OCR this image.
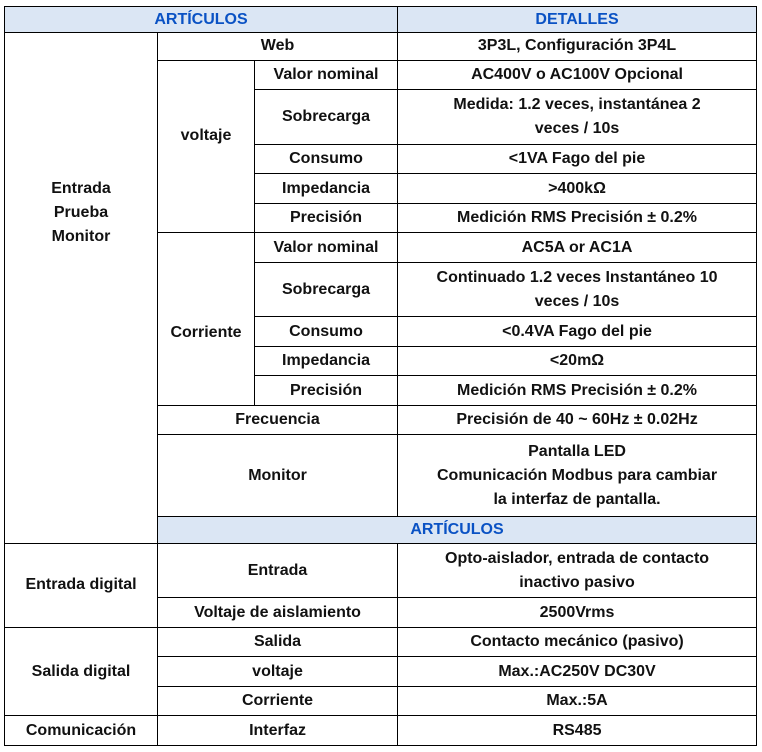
ARTÍCULOS			DETALLES	

Entrada
Prueba
Monitor	Web		3P3L, Configuración 3P4L	
	voltaje	Valor nominal	AC400V o AC100V Opcional	
		Sobrecarga	Medida: 1.2 veces, instantánea 2
veces / 10s	

		Consumo	<1VA Fago del pie	
		Impedancia	>400kΩ	
		Precisión	Medición RMS Precisión ± 0.2%	
	Corriente	Valor nominal	AC5A or AC1A	
		Sobrecarga	Continuado 1.2 veces Instantáneo 10
veces / 10s	

		Consumo	<0.4VA Fago del pie	
		Impedancia	<20mΩ	
		Precisión	Medición RMS Precisión ± 0.2%	
	Frecuencia		Precisión de 40 ~ 60Hz ± 0.02Hz	
	Monitor		Pantalla LED
Comunicación Modbus para cambiar
la interfaz de pantalla.	

	ARTÍCULOS	
Entrada digital	Entrada		Opto-aislador, entrada de contacto
inactivo pasivo	

	Voltaje de aislamiento		2500Vrms	
Salida digital	Salida		Contacto mecánico (pasivo)	
	voltaje		Max.:AC250V DC30V	
	Corriente		Max.:5A	
Comunicación	Interfaz		RS485	
